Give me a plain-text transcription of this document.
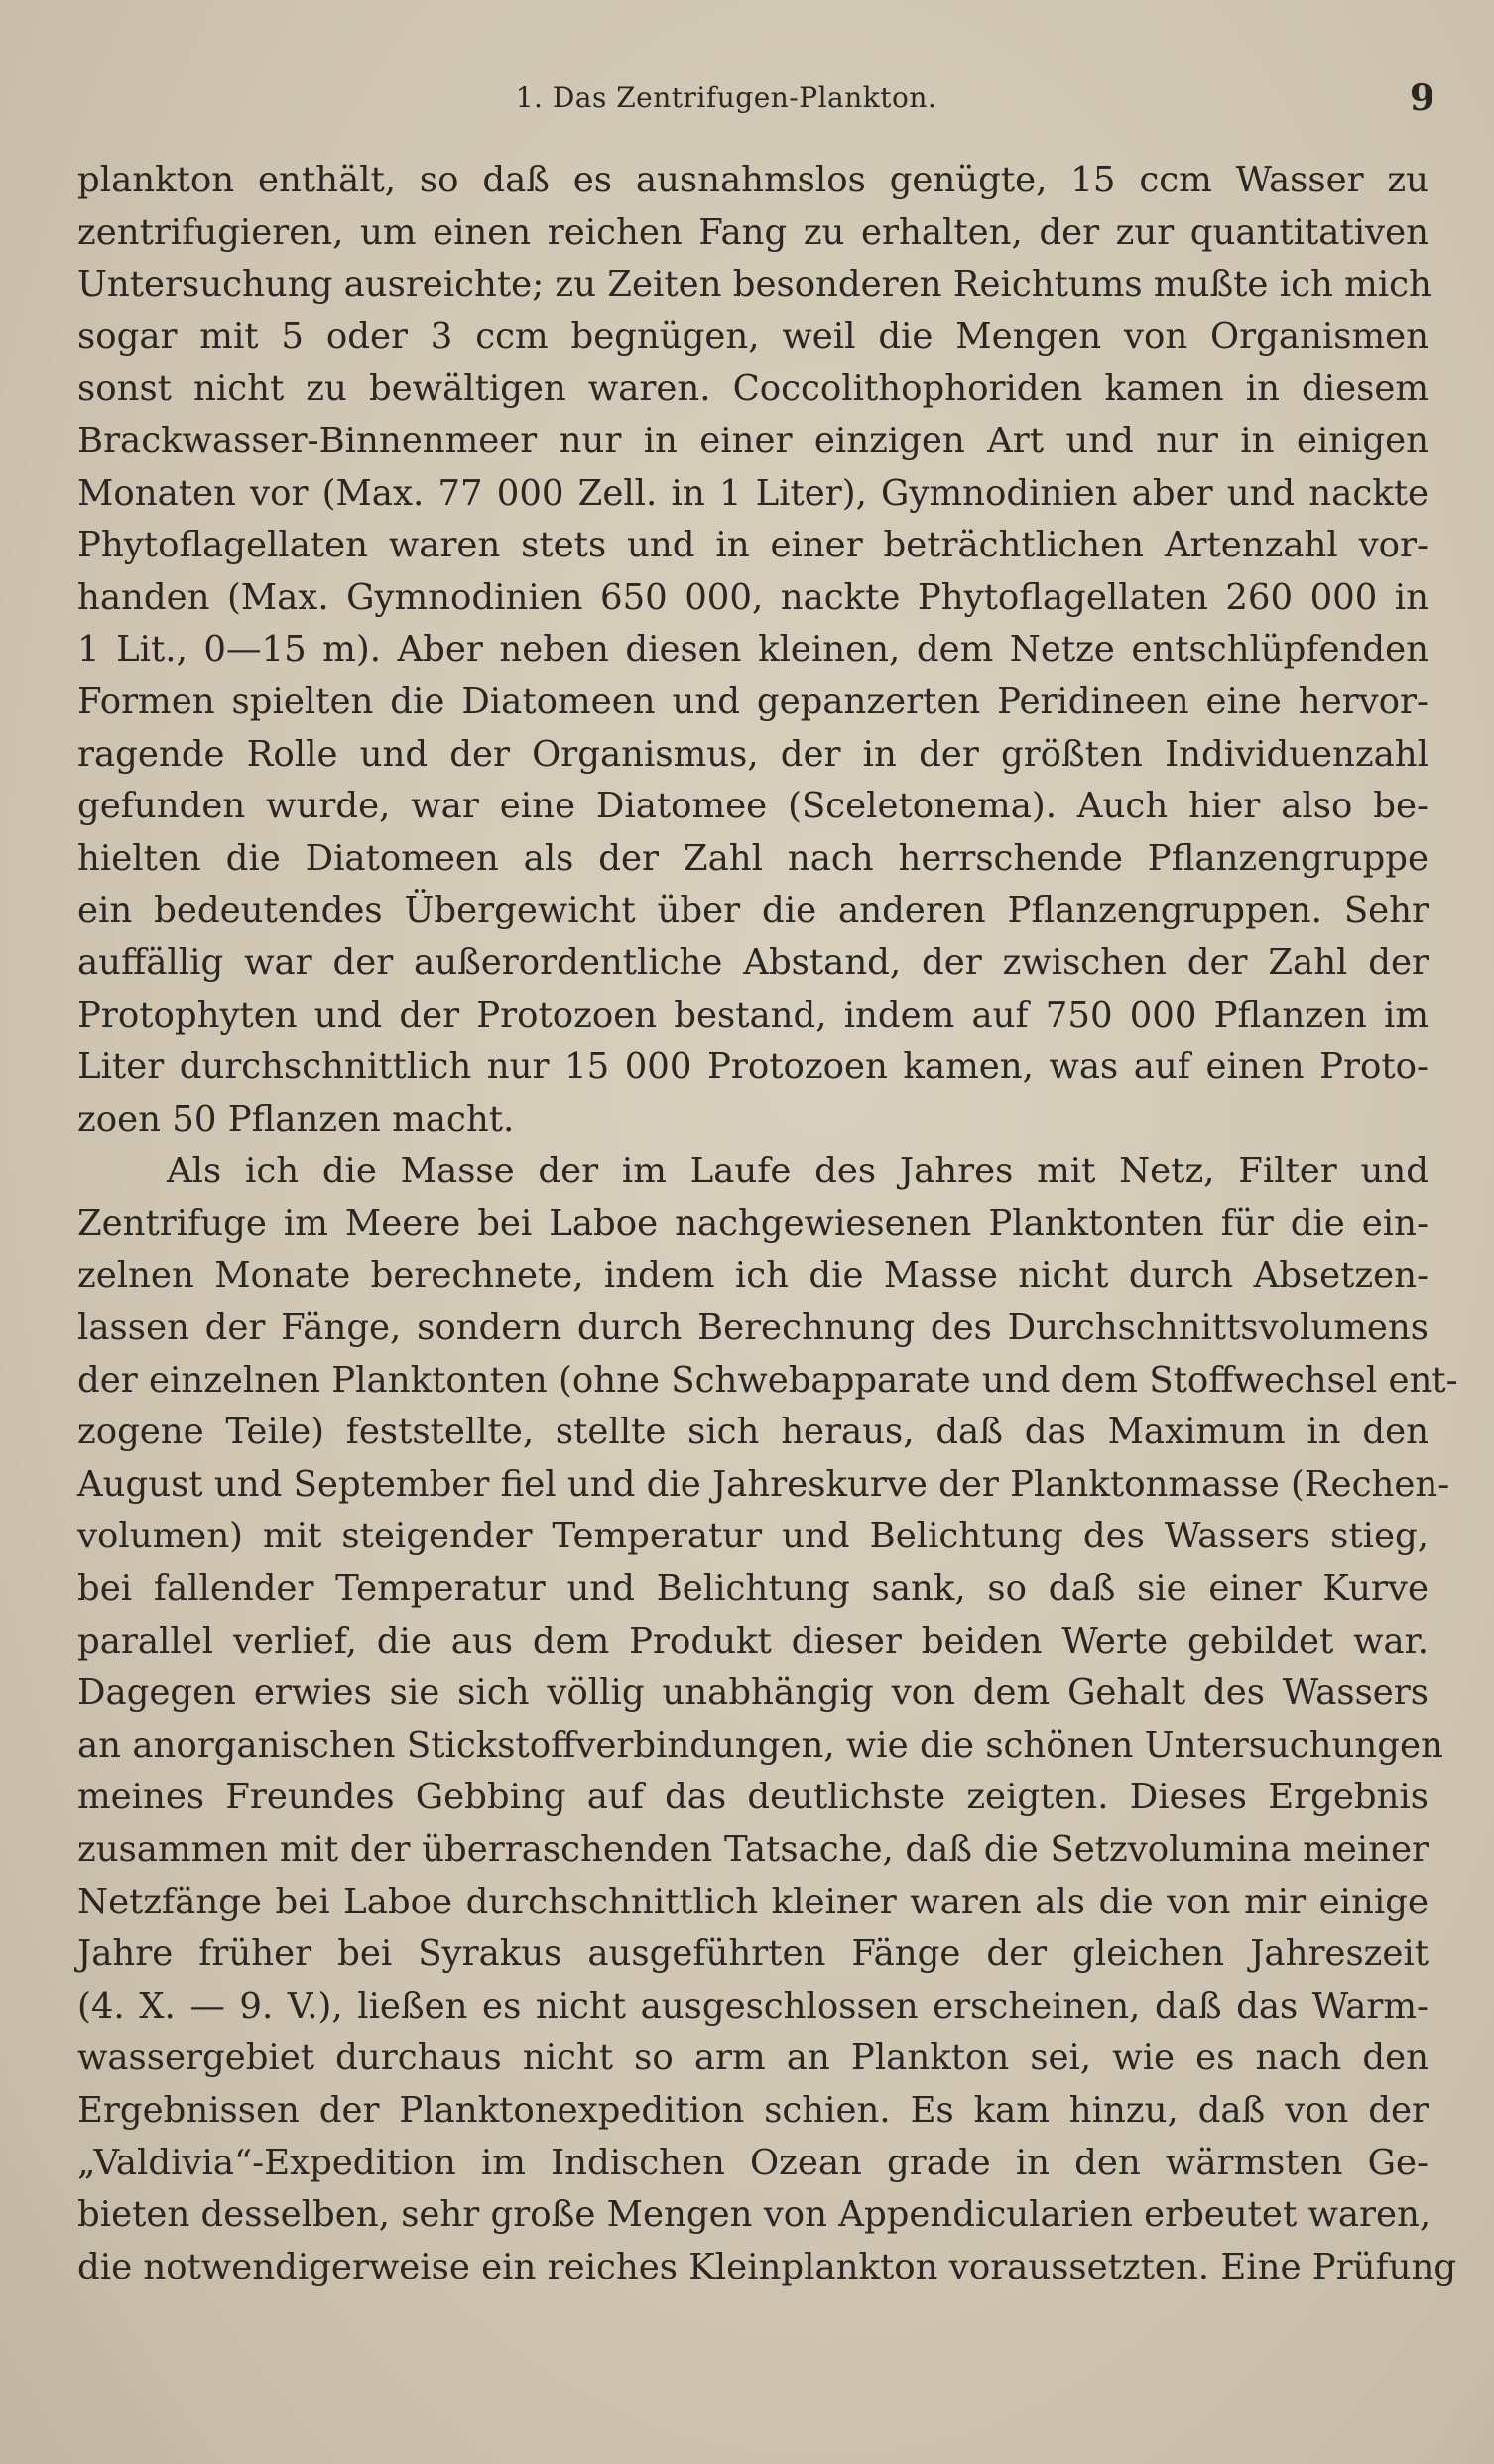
1. Das Zentrifugen-Plankton.	9
plankton enthält, so daß es ausnahmslos genügte, 15 ccm Wasser zu
zentrifugieren, um einen reichen Fang zu erhalten, der zur quantitativen
Untersuchung ausreichte; zu Zeiten besonderen Reichtums mußte ich mich
sogar mit 5 oder 3 ccm begnügen, weil die Mengen von Organismen
sonst nicht zu bewältigen waren. Coccolithophoriden kamen in diesem
Brackwasser-Binnenmeer nur in einer einzigen Art und nur in einigen
Monaten vor (Max. 77 000 Zell. in 1 Liter), Gymnodinien aber und nackte
Phytoflagellaten waren stets und in einer beträchtlichen Artenzahl vor-
handen (Max. Gymnodinien 650 000, nackte Phytoflagellaten 260 000 in
1 Lit., 0—15 m). Aber neben diesen kleinen, dem Netze entschlüpfenden
Formen spielten die Diatomeen und gepanzerten Peridineen eine hervor-
ragende Rolle und der Organismus, der in der größten Individuenzahl
gefunden wurde, war eine Diatomee (Sceletonema). Auch hier also be-
hielten die Diatomeen als der Zahl nach herrschende Pflanzengruppe
ein bedeutendes Übergewicht über die anderen Pflanzengruppen. Sehr
auffällig war der außerordentliche Abstand, der zwischen der Zahl der
Protophyten und der Protozoen bestand, indem auf 750 000 Pflanzen im
Liter durchschnittlich nur 15 000 Protozoen kamen, was auf einen Proto-
zoen 50 Pflanzen macht.
Als ich die Masse der im Laufe des Jahres mit Netz, Filter und
Zentrifuge im Meere bei Laboe nachgewiesenen Planktonten für die ein-
zelnen Monate berechnete, indem ich die Masse nicht durch Absetzen-
lassen der Fänge, sondern durch Berechnung des Durchschnittsvolumens
der einzelnen Planktonten (ohne Schwebapparate und dem Stoffwechsel ent-
zogene Teile) feststellte, stellte sich heraus, daß das Maximum in den
August und September fiel und die Jahreskurve der Planktonmasse (Rechen-
volumen) mit steigender Temperatur und Belichtung des Wassers stieg,
bei fallender Temperatur und Belichtung sank, so daß sie einer Kurve
parallel verlief, die aus dem Produkt dieser beiden Werte gebildet war.
Dagegen erwies sie sich völlig unabhängig von dem Gehalt des Wassers
an anorganischen Stickstoffverbindungen, wie die schönen Untersuchungen
meines Freundes Gebbing auf das deutlichste zeigten. Dieses Ergebnis
zusammen mit der überraschenden Tatsache, daß die Setzvolumina meiner
Netzfänge bei Laboe durchschnittlich kleiner waren als die von mir einige
Jahre früher bei Syrakus ausgeführten Fänge der gleichen Jahreszeit
(4. X. — 9. V.), ließen es nicht ausgeschlossen erscheinen, daß das Warm-
wassergebiet durchaus nicht so arm an Plankton sei, wie es nach den
Ergebnissen der Planktonexpedition schien. Es kam hinzu, daß von der
„Valdivia“-Expedition im Indischen Ozean grade in den wärmsten Ge-
bieten desselben, sehr große Mengen von Appendicularien erbeutet waren,
die notwendigerweise ein reiches Kleinplankton voraussetzten. Eine Prüfung
